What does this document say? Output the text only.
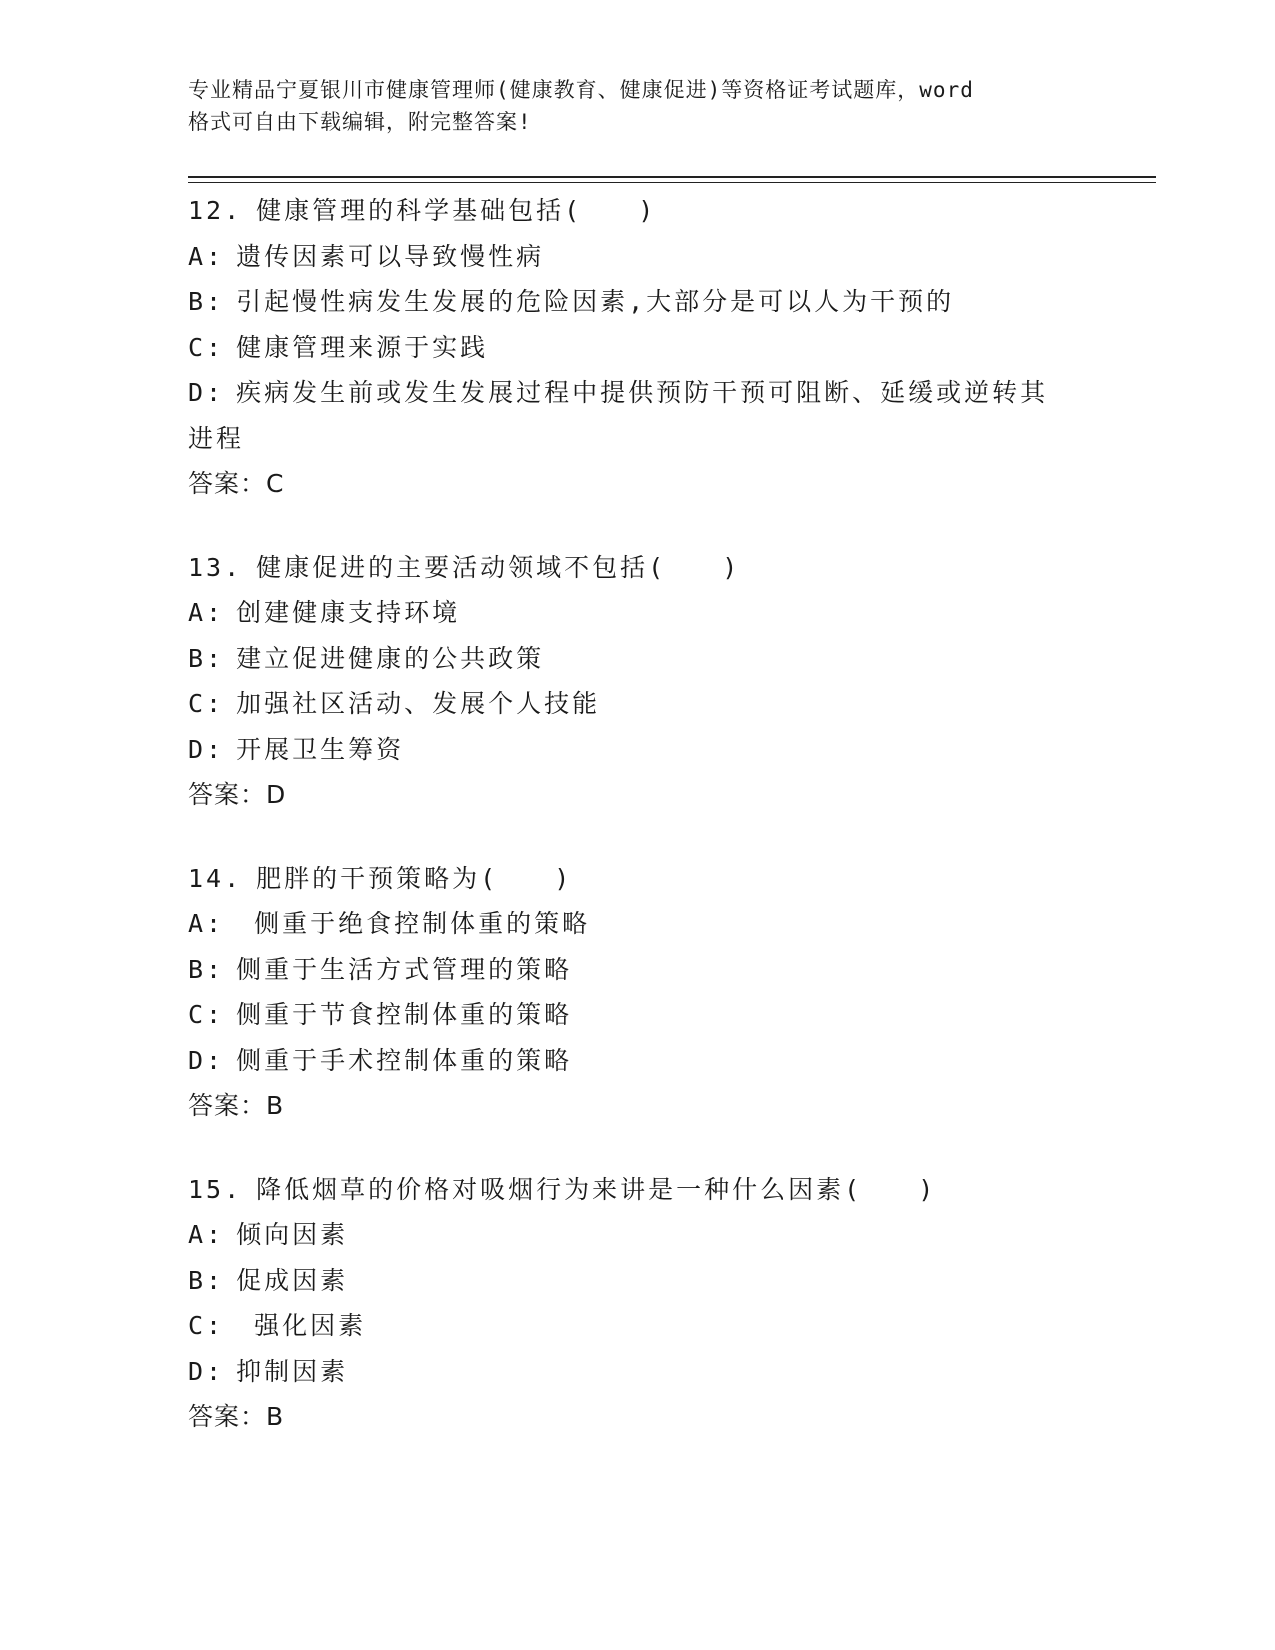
专业精品宁夏银川市健康管理师(健康教育、健康促进)等资格证考试题库，word
格式可自由下载编辑，附完整答案!
12. 健康管理的科学基础包括(　　)
A: 遗传因素可以导致慢性病
B: 引起慢性病发生发展的危险因素,大部分是可以人为干预的
C: 健康管理来源于实践
D: 疾病发生前或发生发展过程中提供预防干预可阻断、延缓或逆转其进程
答案：C
13. 健康促进的主要活动领域不包括(　　)
A: 创建健康支持环境
B: 建立促进健康的公共政策
C: 加强社区活动、发展个人技能
D: 开展卫生筹资
答案：D
14. 肥胖的干预策略为(　　)
A: 侧重于绝食控制体重的策略
B: 侧重于生活方式管理的策略
C: 侧重于节食控制体重的策略
D: 侧重于手术控制体重的策略
答案：B
15. 降低烟草的价格对吸烟行为来讲是一种什么因素(　　)
A: 倾向因素
B: 促成因素
C: 强化因素
D: 抑制因素
答案：B
